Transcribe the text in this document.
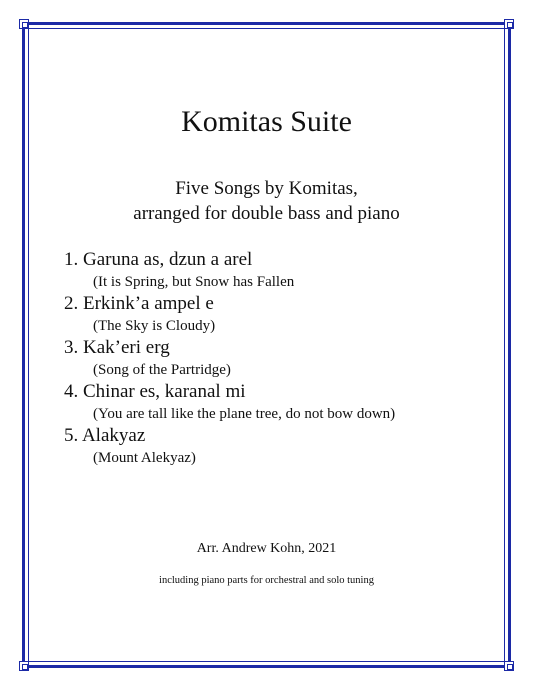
Komitas Suite
Five Songs by Komitas,
arranged for double bass and piano
1. Garuna as, dzun a arel
(It is Spring, but Snow has Fallen
2. Erkink’a ampel e
(The Sky is Cloudy)
3. Kak’eri erg
(Song of the Partridge)
4. Chinar es, karanal mi
(You are tall like the plane tree, do not bow down)
5. Alakyaz
(Mount Alekyaz)
Arr. Andrew Kohn, 2021
including piano parts for orchestral and solo tuning
